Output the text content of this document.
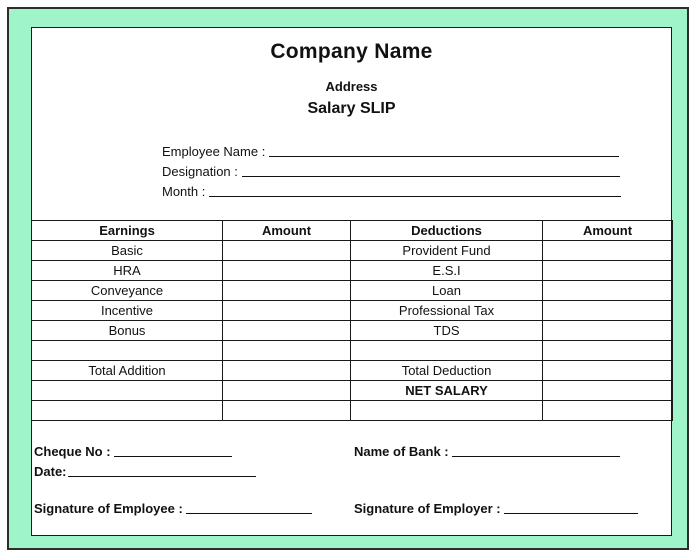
Company Name
Address
Salary SLIP
Employee Name :
Designation :
Month :
Earnings	Amount	Deductions	Amount
Basic		Provident Fund	
HRA		E.S.I	
Conveyance		Loan	
Incentive		Professional Tax	
Bonus		TDS	

Total Addition		Total Deduction	
		NET SALARY	

Cheque No :
Date:
Name of Bank :
Signature of Employee :	Signature of Employer :
